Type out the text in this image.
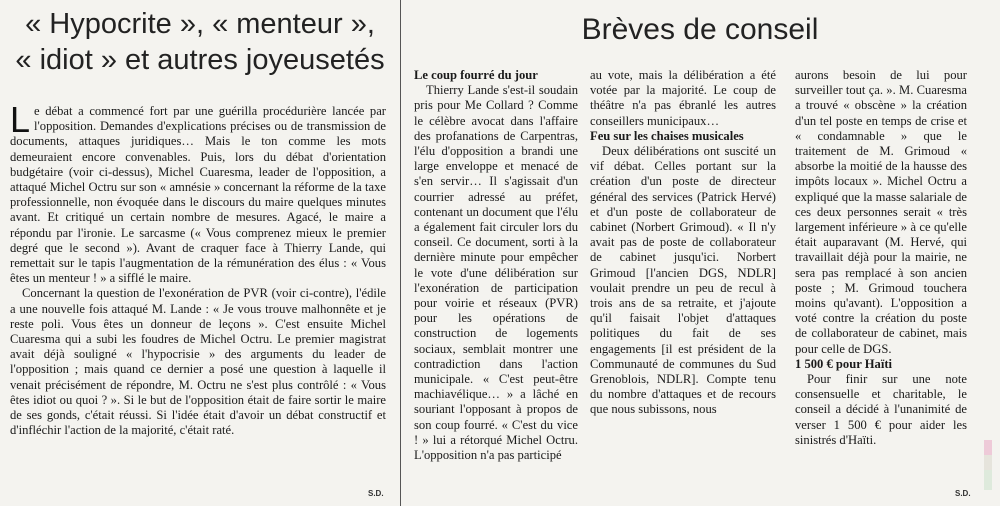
« Hypocrite », « menteur »,
« idiot » et autres joyeusetés
Brèves de conseil

Le débat a commencé fort par une guérilla procédurière lancée par l'opposition. Demandes d'explications précises ou de transmission de documents, attaques juridiques… Mais le ton comme les mots demeuraient encore convenables. Puis, lors du débat d'orientation budgétaire (voir ci-dessus), Michel Cuaresma, leader de l'opposition, a attaqué Michel Octru sur son « amnésie » concernant la réforme de la taxe professionnelle, non évoquée dans le discours du maire quelques minutes avant. Et critiqué un certain nombre de mesures. Agacé, le maire a répondu par l'ironie. Le sarcasme (« Vous comprenez mieux le premier degré que le second »). Avant de craquer face à Thierry Lande, qui remettait sur le tapis l'augmentation de la rémunération des élus : « Vous êtes un menteur ! » a sifflé le maire.

Concernant la question de l'exonération de PVR (voir ci-contre), l'édile a une nouvelle fois attaqué M. Lande : « Je vous trouve malhonnête et je reste poli. Vous êtes un donneur de leçons ». C'est ensuite Michel Cuaresma qui a subi les foudres de Michel Octru. Le premier magistrat avait déjà souligné « l'hypocrisie » des arguments du leader de l'opposition ; mais quand ce dernier a posé une question à laquelle il venait précisément de répondre, M. Octru ne s'est plus contrôlé : « Vous êtes idiot ou quoi ? ». Si le but de l'opposition était de faire sortir le maire de ses gonds, c'était réussi. Si l'idée était d'avoir un débat constructif et d'infléchir l'action de la majorité, c'était raté.

S.D.

Le coup fourré du jour

Thierry Lande s'est-il soudain pris pour Me Collard ? Comme le célèbre avocat dans l'affaire des profanations de Carpentras, l'élu d'opposition a brandi une large enveloppe et menacé de s'en servir… Il s'agissait d'un courrier adressé au préfet, contenant un document que l'élu a également fait circuler lors du conseil. Ce document, sorti à la dernière minute pour empêcher le vote d'une délibération sur l'exonération de participation pour voirie et réseaux (PVR) pour les opérations de construction de logements sociaux, semblait montrer une contradiction dans l'action municipale. « C'est peut-être machiavélique… » a lâché en souriant l'opposant à propos de son coup fourré. « C'est du vice ! » lui a rétorqué Michel Octru. L'opposition n'a pas participé

au vote, mais la délibération a été votée par la majorité. Le coup de théâtre n'a pas ébranlé les autres conseillers municipaux…

Feu sur les chaises musicales

Deux délibérations ont suscité un vif débat. Celles portant sur la création d'un poste de directeur général des services (Patrick Hervé) et d'un poste de collaborateur de cabinet (Norbert Grimoud). « Il n'y avait pas de poste de collaborateur de cabinet jusqu'ici. Norbert Grimoud [l'ancien DGS, NDLR] voulait prendre un peu de recul à trois ans de sa retraite, et j'ajoute qu'il faisait l'objet d'attaques politiques du fait de ses engagements [il est président de la Communauté de communes du Sud Grenoblois, NDLR]. Compte tenu du nombre d'attaques et de recours que nous subissons, nous

aurons besoin de lui pour surveiller tout ça. ». M. Cuaresma a trouvé « obscène » la création d'un tel poste en temps de crise et « condamnable » que le traitement de M. Grimoud « absorbe la moitié de la hausse des impôts locaux ». Michel Octru a expliqué que la masse salariale de ces deux personnes serait « très largement inférieure » à ce qu'elle était auparavant (M. Hervé, qui travaillait déjà pour la mairie, ne sera pas remplacé à son ancien poste ; M. Grimoud touchera moins qu'avant). L'opposition a voté contre la création du poste de collaborateur de cabinet, mais pour celle de DGS.

1 500 € pour Haïti

Pour finir sur une note consensuelle et charitable, le conseil a décidé à l'unanimité de verser 1 500 € pour aider les sinistrés d'Haïti.

S.D.
